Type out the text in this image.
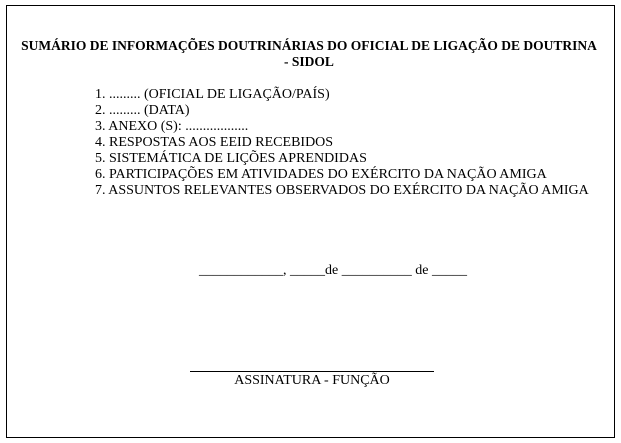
SUMÁRIO DE INFORMAÇÕES DOUTRINÁRIAS DO OFICIAL DE LIGAÇÃO DE DOUTRINA - SIDOL
1. ......... (OFICIAL DE LIGAÇÃO/PAÍS)
2. ......... (DATA)
3. ANEXO (S): ..................
4. RESPOSTAS AOS EEID RECEBIDOS
5. SISTEMÁTICA DE LIÇÕES APRENDIDAS
6. PARTICIPAÇÕES EM ATIVIDADES DO EXÉRCITO DA NAÇÃO AMIGA
7. ASSUNTOS RELEVANTES OBSERVADOS DO EXÉRCITO DA NAÇÃO AMIGA
____________, _____de __________ de _____
ASSINATURA - FUNÇÃO
